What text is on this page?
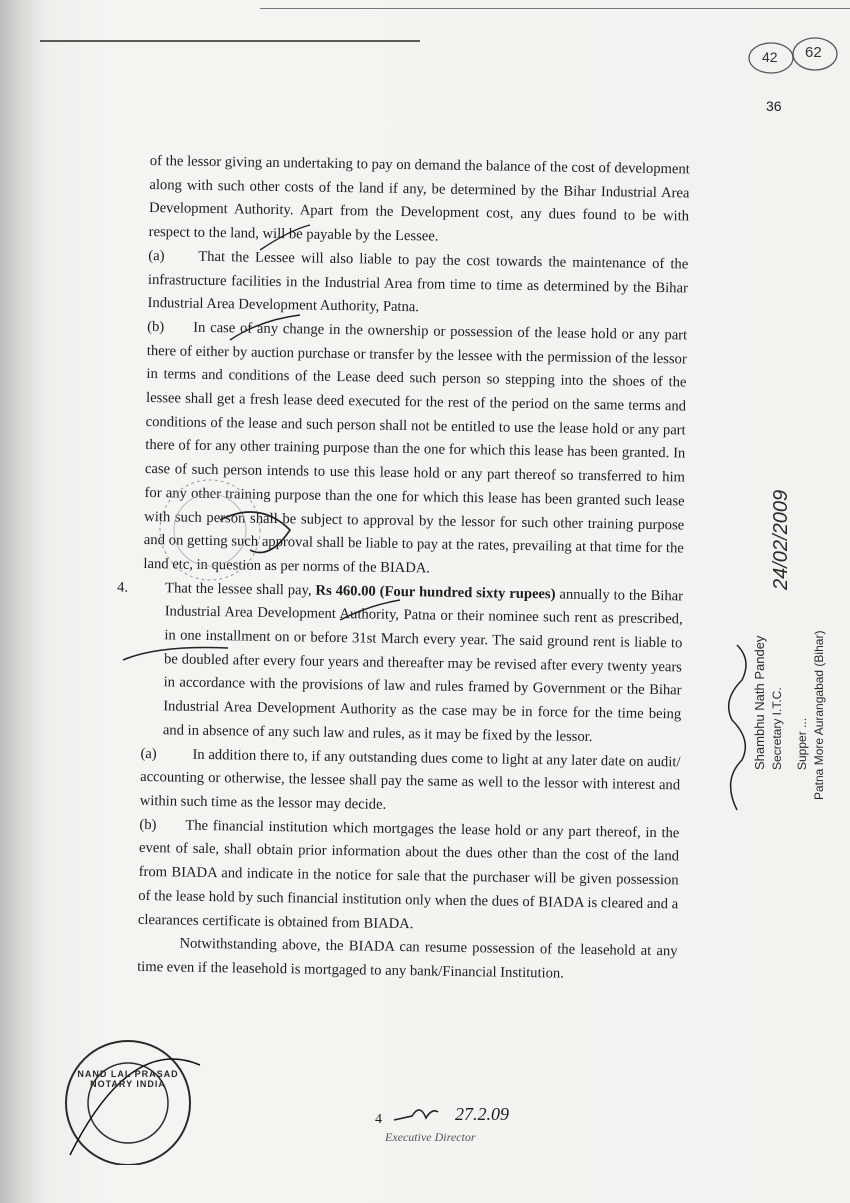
42 62
36

of the lessor giving an undertaking to pay on demand the balance of the cost of development along with such other costs of the land if any, be determined by the Bihar Industrial Area Development Authority. Apart from the Development cost, any dues found to be with respect to the land, will be payable by the Lessee.

(a) That the Lessee will also liable to pay the cost towards the maintenance of the infrastructure facilities in the Industrial Area from time to time as determined by the Bihar Industrial Area Development Authority, Patna.

(b) In case of any change in the ownership or possession of the lease hold or any part there of either by auction purchase or transfer by the lessee with the permission of the lessor in terms and conditions of the Lease deed such person so stepping into the shoes of the lessee shall get a fresh lease deed executed for the rest of the period on the same terms and conditions of the lease and such person shall not be entitled to use the lease hold or any part there of for any other training purpose than the one for which this lease has been granted. In case of such person intends to use this lease hold or any part thereof so transferred to him for any other training purpose than the one for which this lease has been granted such lease with such person shall be subject to approval by the lessor for such other training purpose and on getting such approval shall be liable to pay at the rates, prevailing at that time for the land etc, in question as per norms of the BIADA.

4.	That the lessee shall pay, Rs 460.00 (Four hundred sixty rupees) annually to the Bihar Industrial Area Development Authority, Patna or their nominee such rent as prescribed, in one installment on or before 31st March every year. The said ground rent is liable to be doubled after every four years and thereafter may be revised after every twenty years in accordance with the provisions of law and rules framed by Government or the Bihar Industrial Area Development Authority as the case may be in force for the time being and in absence of any such law and rules, as it may be fixed by the lessor.

(a) In addition there to, if any outstanding dues come to light at any later date on audit/ accounting or otherwise, the lessee shall pay the same as well to the lessor with interest and within such time as the lessor may decide.

(b) The financial institution which mortgages the lease hold or any part thereof, in the event of sale, shall obtain prior information about the dues other than the cost of the land from BIADA and indicate in the notice for sale that the purchaser will be given possession of the lease hold by such financial institution only when the dues of BIADA is cleared and a clearances certificate is obtained from BIADA.

Notwithstanding above, the BIADA can resume possession of the leasehold at any time even if the leasehold is mortgaged to any bank/Financial Institution.

NAND LAL PRASAD NOTARY INDIA
4	27.2.09
Executive Director
24/02/2009
Shambhu Nath Pandey Secretary I.T.C. Supper ... Patna More Aurangabad (Bihar)
